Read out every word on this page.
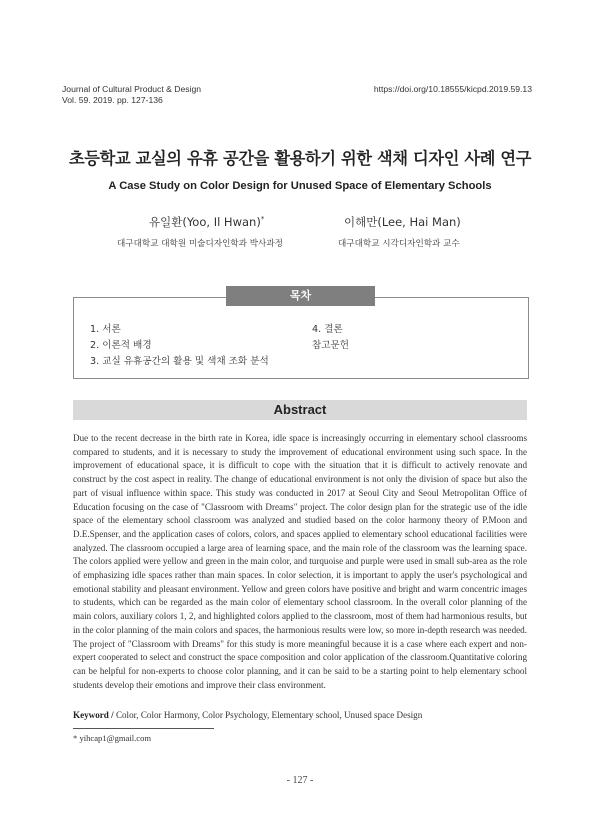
Journal of Cultural Product & Design
Vol. 59. 2019. pp. 127-136
https://doi.org/10.18555/kicpd.2019.59.13
초등학교 교실의 유휴 공간을 활용하기 위한 색채 디자인 사례 연구
A Case Study on Color Design for Unused Space of Elementary Schools
유일환(Yoo, Il Hwan)*
대구대학교 대학원 미술디자인학과 박사과정
이해만(Lee, Hai Man)
대구대학교 시각디자인학과 교수
목차
1. 서론
2. 이론적 배경
3. 교실 유휴공간의 활용 및 색채 조화 분석
4. 결론
참고문헌
Abstract
Due to the recent decrease in the birth rate in Korea, idle space is increasingly occurring in elementary school classrooms compared to students, and it is necessary to study the improvement of educational environment using such space. In the improvement of educational space, it is difficult to cope with the situation that it is difficult to actively renovate and construct by the cost aspect in reality. The change of educational environment is not only the division of space but also the part of visual influence within space. This study was conducted in 2017 at Seoul City and Seoul Metropolitan Office of Education focusing on the case of "Classroom with Dreams" project. The color design plan for the strategic use of the idle space of the elementary school classroom was analyzed and studied based on the color harmony theory of P.Moon and D.E.Spenser, and the application cases of colors, colors, and spaces applied to elementary school educational facilities were analyzed. The classroom occupied a large area of learning space, and the main role of the classroom was the learning space. The colors applied were yellow and green in the main color, and turquoise and purple were used in small sub-area as the role of emphasizing idle spaces rather than main spaces. In color selection, it is important to apply the user's psychological and emotional stability and pleasant environment. Yellow and green colors have positive and bright and warm concentric images to students, which can be regarded as the main color of elementary school classroom. In the overall color planning of the main colors, auxiliary colors 1, 2, and highlighted colors applied to the classroom, most of them had harmonious results, but in the color planning of the main colors and spaces, the harmonious results were low, so more in-depth research was needed. The project of "Classroom with Dreams" for this study is more meaningful because it is a case where each expert and non-expert cooperated to select and construct the space composition and color application of the classroom.Quantitative coloring can be helpful for non-experts to choose color planning, and it can be said to be a starting point to help elementary school students develop their emotions and improve their class environment.
Keyword / Color, Color Harmony, Color Psychology, Elementary school, Unused space Design
* yihcap1@gmail.com
- 127 -
